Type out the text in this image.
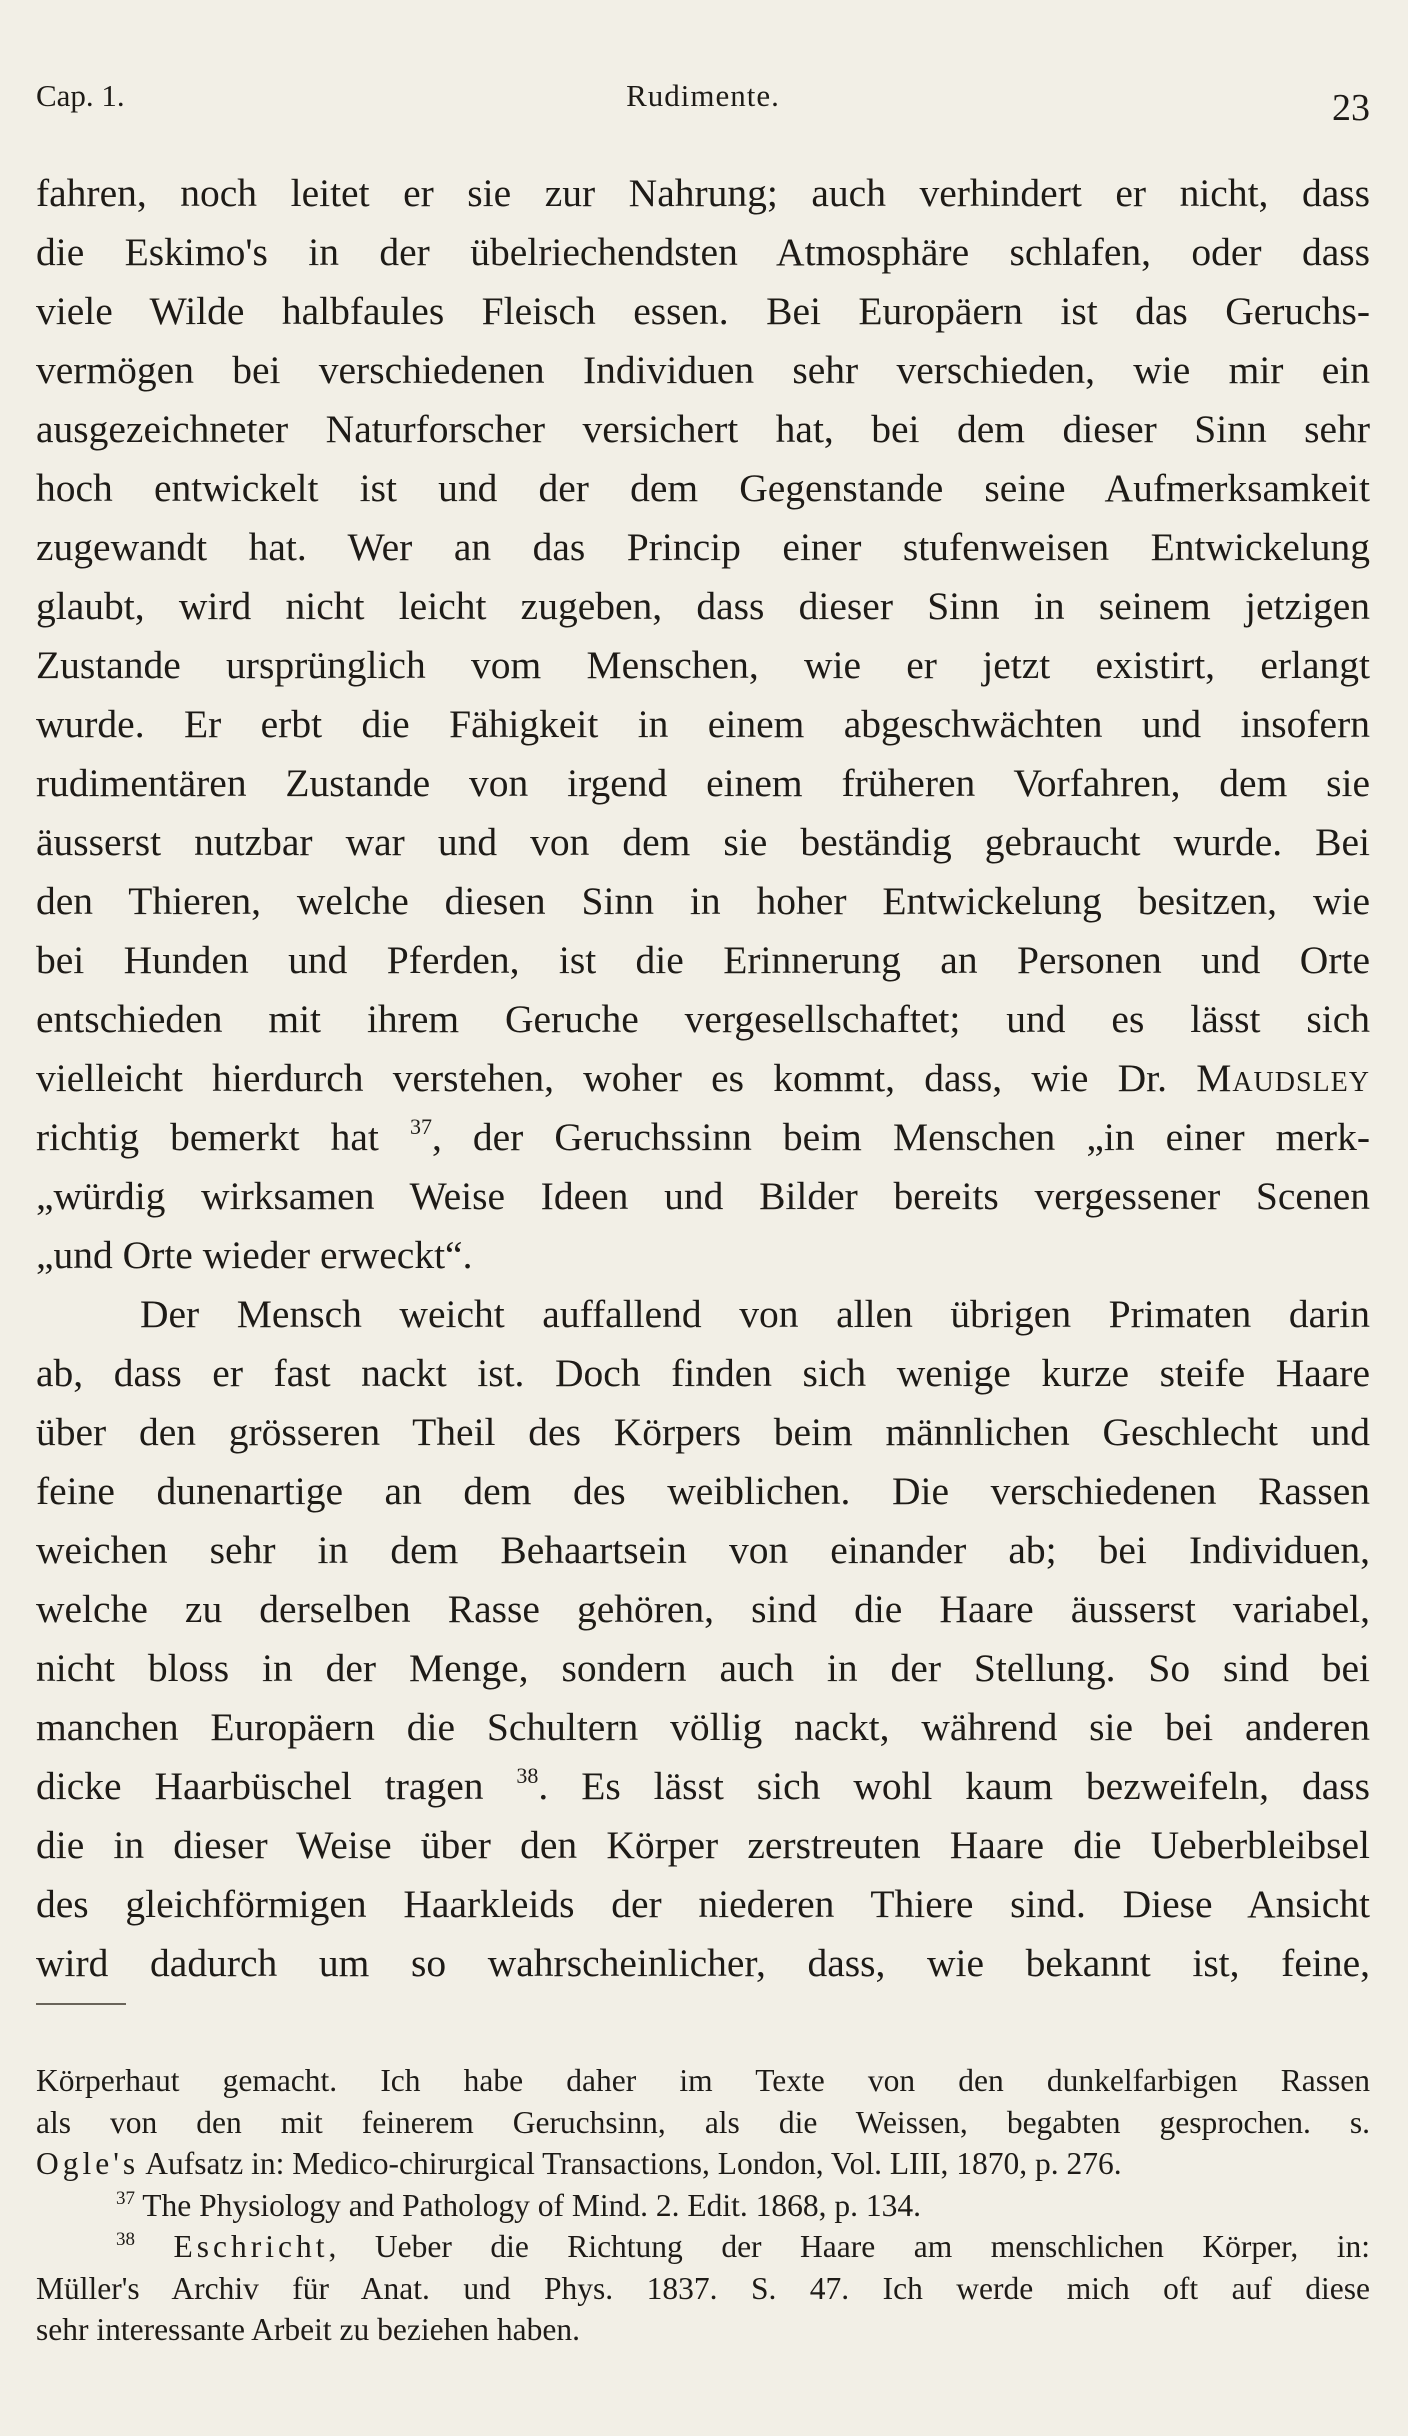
Cap. 1.	Rudimente.	23
fahren, noch leitet er sie zur Nahrung; auch verhindert er nicht, dass
die Eskimo's in der übelriechendsten Atmosphäre schlafen, oder dass
viele Wilde halbfaules Fleisch essen. Bei Europäern ist das Geruchs-
vermögen bei verschiedenen Individuen sehr verschieden, wie mir ein
ausgezeichneter Naturforscher versichert hat, bei dem dieser Sinn sehr
hoch entwickelt ist und der dem Gegenstande seine Aufmerksamkeit
zugewandt hat. Wer an das Princip einer stufenweisen Entwickelung
glaubt, wird nicht leicht zugeben, dass dieser Sinn in seinem jetzigen
Zustande ursprünglich vom Menschen, wie er jetzt existirt, erlangt
wurde. Er erbt die Fähigkeit in einem abgeschwächten und insofern
rudimentären Zustande von irgend einem früheren Vorfahren, dem sie
äusserst nutzbar war und von dem sie beständig gebraucht wurde. Bei
den Thieren, welche diesen Sinn in hoher Entwickelung besitzen, wie
bei Hunden und Pferden, ist die Erinnerung an Personen und Orte
entschieden mit ihrem Geruche vergesellschaftet; und es lässt sich
vielleicht hierdurch verstehen, woher es kommt, dass, wie Dr. Maudsley
richtig bemerkt hat $^{37}$, der Geruchssinn beim Menschen „in einer merk-
„würdig wirksamen Weise Ideen und Bilder bereits vergessener Scenen
„und Orte wieder erweckt“.
Der Mensch weicht auffallend von allen übrigen Primaten darin
ab, dass er fast nackt ist. Doch finden sich wenige kurze steife Haare
über den grösseren Theil des Körpers beim männlichen Geschlecht und
feine dunenartige an dem des weiblichen. Die verschiedenen Rassen
weichen sehr in dem Behaartsein von einander ab; bei Individuen,
welche zu derselben Rasse gehören, sind die Haare äusserst variabel,
nicht bloss in der Menge, sondern auch in der Stellung. So sind bei
manchen Europäern die Schultern völlig nackt, während sie bei anderen
dicke Haarbüschel tragen $^{38}$. Es lässt sich wohl kaum bezweifeln, dass
die in dieser Weise über den Körper zerstreuten Haare die Ueberbleibsel
des gleichförmigen Haarkleids der niederen Thiere sind. Diese Ansicht
wird dadurch um so wahrscheinlicher, dass, wie bekannt ist, feine,
Körperhaut gemacht. Ich habe daher im Texte von den dunkelfarbigen Rassen
als von den mit feinerem Geruchsinn, als die Weissen, begabten gesprochen. s.
Ogle's Aufsatz in: Medico-chirurgical Transactions, London, Vol. LIII, 1870, p. 276.
$^{37}$ The Physiology and Pathology of Mind. 2. Edit. 1868, p. 134.
$^{38}$ Eschricht, Ueber die Richtung der Haare am menschlichen Körper, in:
Müller's Archiv für Anat. und Phys. 1837. S. 47. Ich werde mich oft auf diese
sehr interessante Arbeit zu beziehen haben.
